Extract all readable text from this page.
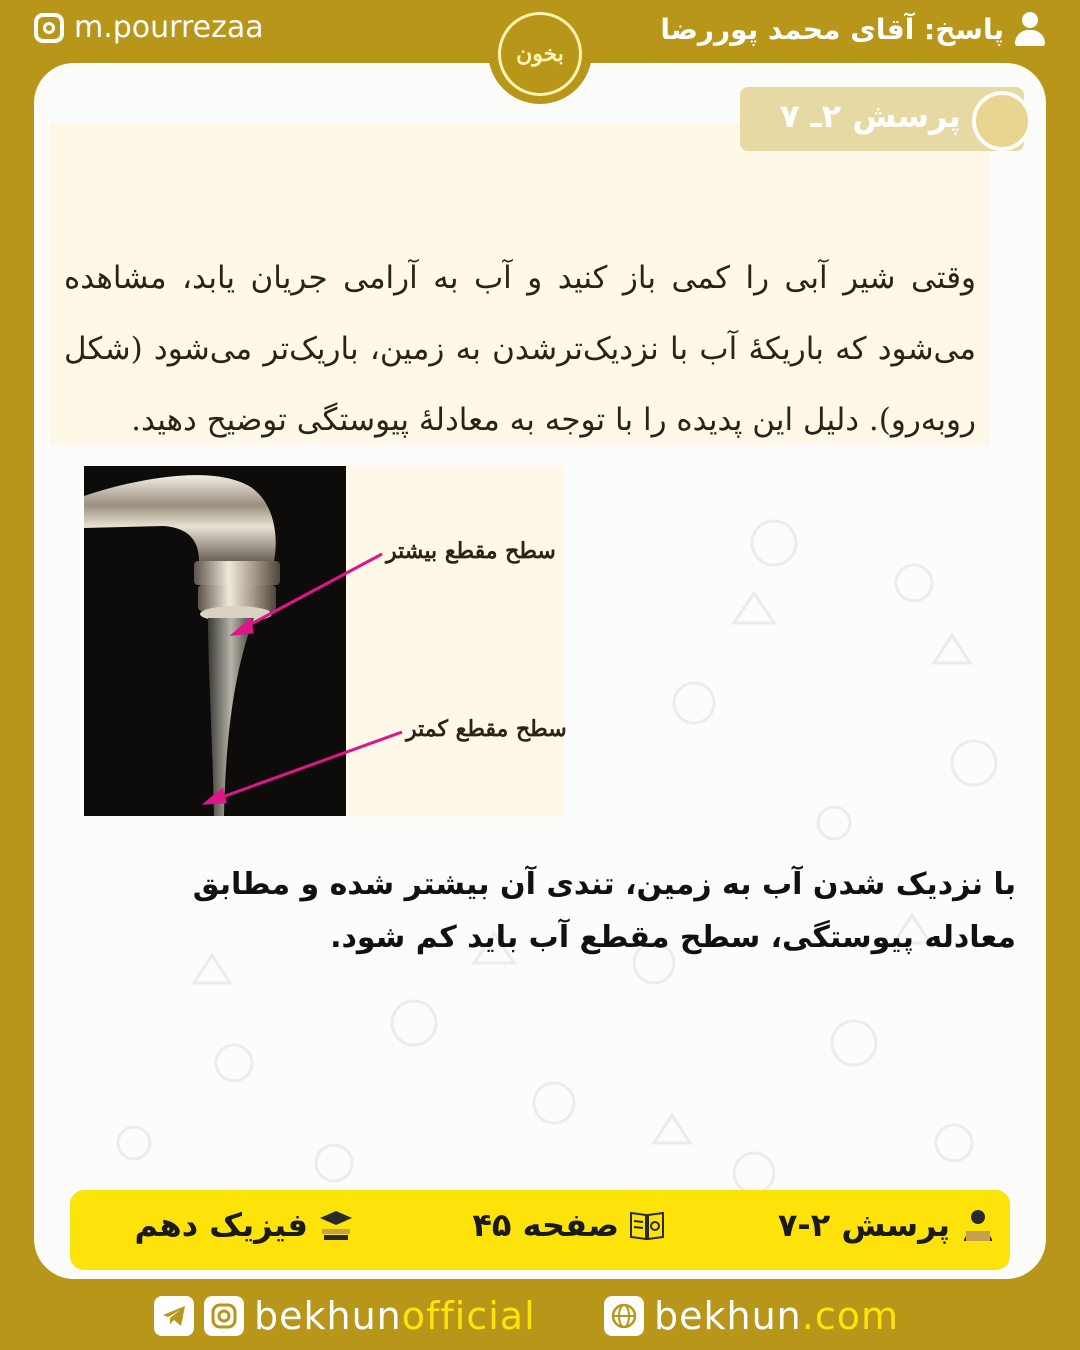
m.pourrezaa	پاسخ: آقای محمد پوررضا
بخون
وقتی شیر آبی را کمی باز کنید و آب به آرامی جریان یابد، مشاهده می‌شود که باریکهٔ آب با نزدیک‌ترشدن به زمین، باریک‌تر می‌شود (شکل روبه‌رو). دلیل این پدیده را با توجه به معادلهٔ پیوستگی توضیح دهید.
پرسش ۲ـ ۷
سطح مقطع بیشتر
سطح مقطع کمتر
با نزدیک شدن آب به زمین، تندی آن بیشتر شده و مطابق معادله پیوستگی، سطح مقطع آب باید کم شود.
پرسش ۲-۷
صفحه ۴۵
فیزیک دهم
bekhunofficial	bekhun.com
